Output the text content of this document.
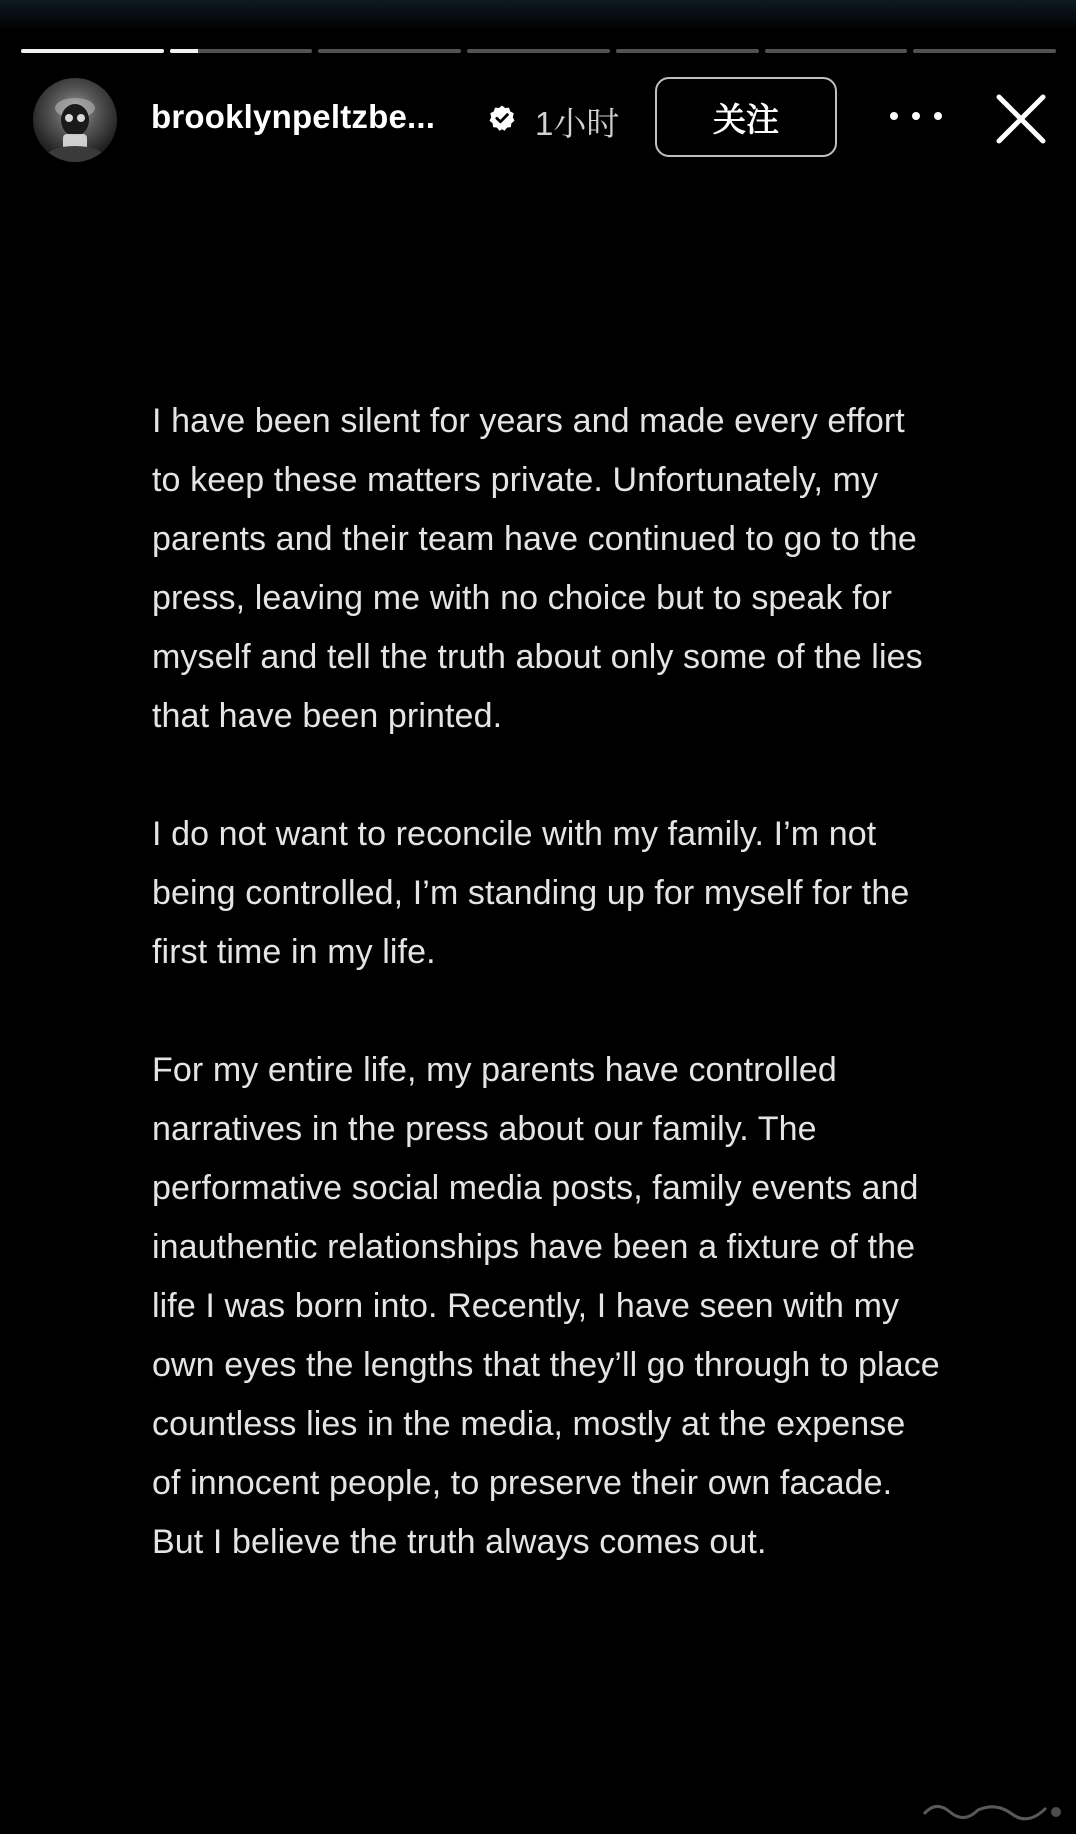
brooklynpeltzbe...	1小时	关注

I have been silent for years and made every effort to keep these matters private. Unfortunately, my parents and their team have continued to go to the press, leaving me with no choice but to speak for myself and tell the truth about only some of the lies that have been printed.

I do not want to reconcile with my family. I’m not being controlled, I’m standing up for myself for the first time in my life.

For my entire life, my parents have controlled narratives in the press about our family. The performative social media posts, family events and inauthentic relationships have been a fixture of the life I was born into. Recently, I have seen with my own eyes the lengths that they’ll go through to place countless lies in the media, mostly at the expense of innocent people, to preserve their own facade. But I believe the truth always comes out.
